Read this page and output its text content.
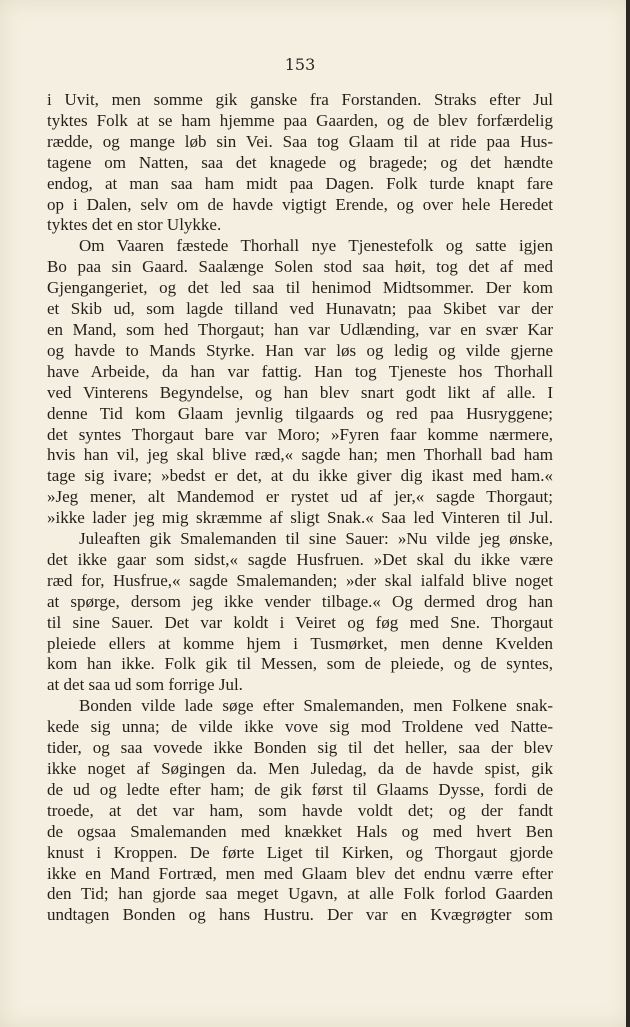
153
i Uvit, men somme gik ganske fra Forstanden. Straks efter Jul
tyktes Folk at se ham hjemme paa Gaarden, og de blev forfærdelig
rædde, og mange løb sin Vei. Saa tog Glaam til at ride paa Hus-
tagene om Natten, saa det knagede og bragede; og det hændte
endog, at man saa ham midt paa Dagen. Folk turde knapt fare
op i Dalen, selv om de havde vigtigt Erende, og over hele Heredet
tyktes det en stor Ulykke.
Om Vaaren fæstede Thorhall nye Tjenestefolk og satte igjen
Bo paa sin Gaard. Saalænge Solen stod saa høit, tog det af med
Gjengangeriet, og det led saa til henimod Midtsommer. Der kom
et Skib ud, som lagde tilland ved Hunavatn; paa Skibet var der
en Mand, som hed Thorgaut; han var Udlænding, var en svær Kar
og havde to Mands Styrke. Han var løs og ledig og vilde gjerne
have Arbeide, da han var fattig. Han tog Tjeneste hos Thorhall
ved Vinterens Begyndelse, og han blev snart godt likt af alle. I
denne Tid kom Glaam jevnlig tilgaards og red paa Husryggene;
det syntes Thorgaut bare var Moro; »Fyren faar komme nærmere,
hvis han vil, jeg skal blive ræd,« sagde han; men Thorhall bad ham
tage sig ivare; »bedst er det, at du ikke giver dig ikast med ham.«
»Jeg mener, alt Mandemod er rystet ud af jer,« sagde Thorgaut;
»ikke lader jeg mig skræmme af sligt Snak.« Saa led Vinteren til Jul.
Juleaften gik Smalemanden til sine Sauer: »Nu vilde jeg ønske,
det ikke gaar som sidst,« sagde Husfruen. »Det skal du ikke være
ræd for, Husfrue,« sagde Smalemanden; »der skal ialfald blive noget
at spørge, dersom jeg ikke vender tilbage.« Og dermed drog han
til sine Sauer. Det var koldt i Veiret og føg med Sne. Thorgaut
pleiede ellers at komme hjem i Tusmørket, men denne Kvelden
kom han ikke. Folk gik til Messen, som de pleiede, og de syntes,
at det saa ud som forrige Jul.
Bonden vilde lade søge efter Smalemanden, men Folkene snak-
kede sig unna; de vilde ikke vove sig mod Troldene ved Natte-
tider, og saa vovede ikke Bonden sig til det heller, saa der blev
ikke noget af Søgingen da. Men Juledag, da de havde spist, gik
de ud og ledte efter ham; de gik først til Glaams Dysse, fordi de
troede, at det var ham, som havde voldt det; og der fandt
de ogsaa Smalemanden med knækket Hals og med hvert Ben
knust i Kroppen. De førte Liget til Kirken, og Thorgaut gjorde
ikke en Mand Fortræd, men med Glaam blev det endnu værre efter
den Tid; han gjorde saa meget Ugavn, at alle Folk forlod Gaarden
undtagen Bonden og hans Hustru. Der var en Kvægrøgter som
